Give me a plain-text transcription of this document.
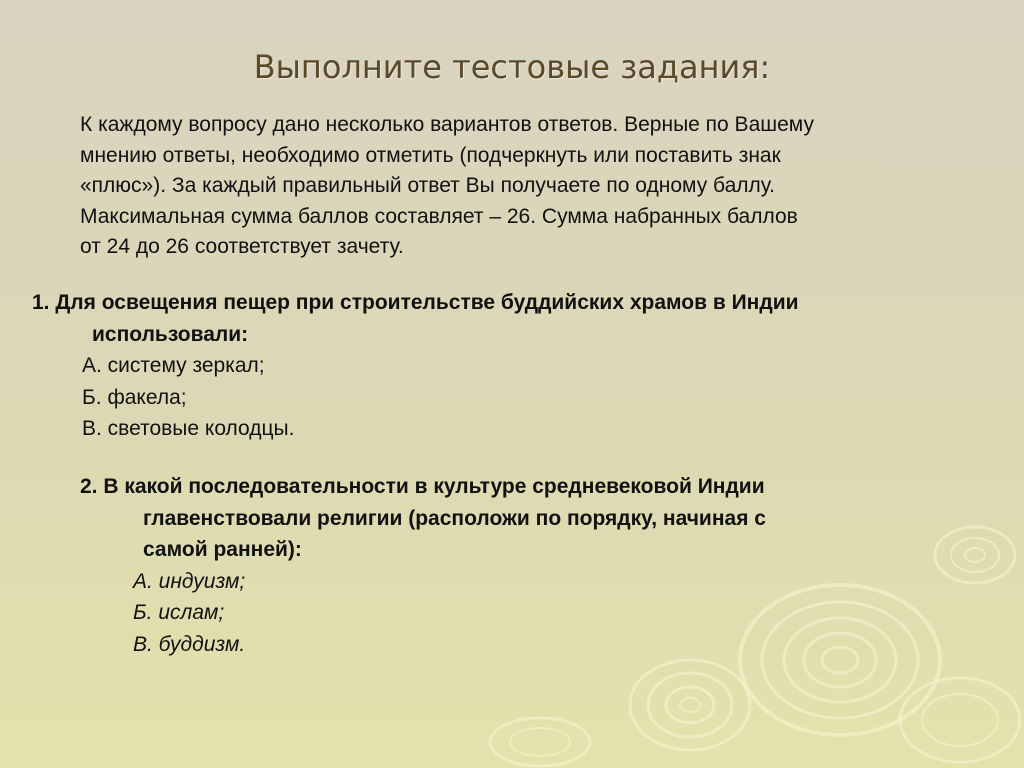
Выполните тестовые задания:
К каждому вопросу дано несколько вариантов ответов. Верные по Вашему
мнению ответы, необходимо отметить (подчеркнуть или поставить знак
«плюс»). За каждый правильный ответ Вы получаете по одному баллу.
Максимальная сумма баллов составляет – 26. Сумма набранных баллов
от 24 до 26 соответствует зачету.
1. Для освещения пещер при строительстве буддийских храмов в Индии
использовали:
А. систему зеркал;
Б. факела;
В. световые колодцы.
2. В какой последовательности в культуре средневековой Индии
главенствовали религии (расположи по порядку, начиная с
самой ранней):
А. индуизм;
Б. ислам;
В. буддизм.
